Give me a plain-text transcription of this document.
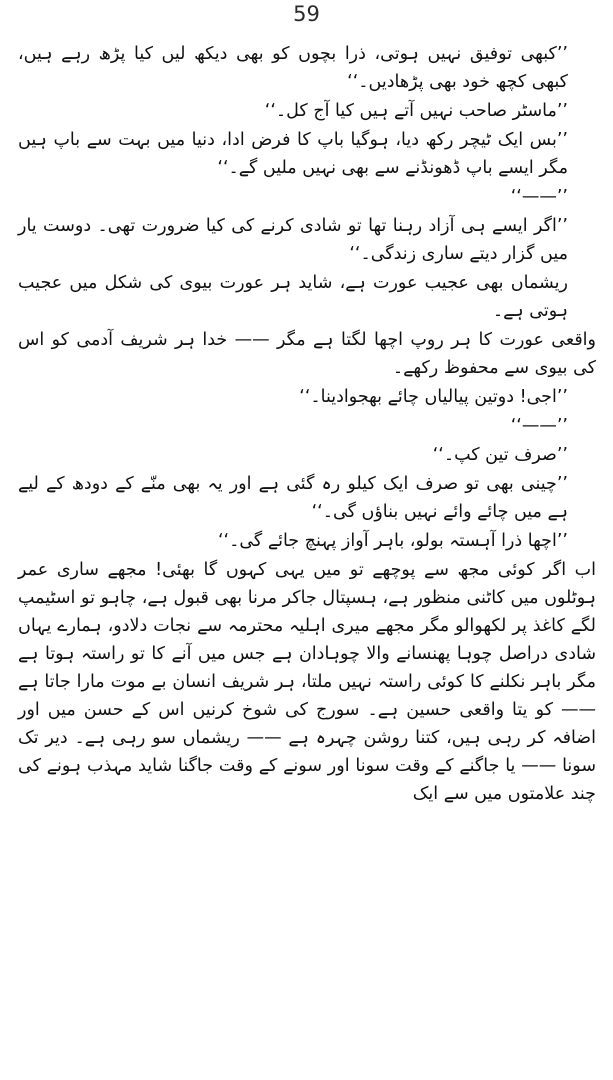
59

’’کبھی توفیق نہیں ہوتی، ذرا بچوں کو بھی دیکھ لیں کیا پڑھ رہے ہیں، کبھی کچھ خود بھی پڑھادیں۔‘‘

’’ماسٹر صاحب نہیں آتے ہیں کیا آج کل۔‘‘

’’بس ایک ٹیچر رکھ دیا، ہوگیا باپ کا فرض ادا، دنیا میں بہت سے باپ ہیں مگر ایسے باپ ڈھونڈنے سے بھی نہیں ملیں گے۔‘‘

’’——‘‘

’’اگر ایسے ہی آزاد رہنا تھا تو شادی کرنے کی کیا ضرورت تھی۔ دوست یار میں گزار دیتے ساری زندگی۔‘‘

ریشماں بھی عجیب عورت ہے، شاید ہر عورت بیوی کی شکل میں عجیب ہوتی ہے۔

واقعی عورت کا ہر روپ اچھا لگتا ہے مگر —— خدا ہر شریف آدمی کو اس کی بیوی سے محفوظ رکھے۔

’’اجی! دوتین پیالیاں چائے بھجوادینا۔‘‘

’’——‘‘

’’صرف تین کپ۔‘‘

’’چینی بھی تو صرف ایک کیلو رہ گئی ہے اور یہ بھی منّے کے دودھ کے لیے ہے میں چائے وائے نہیں بناؤں گی۔‘‘

’’اچھا ذرا آہستہ بولو، باہر آواز پہنچ جائے گی۔‘‘

اب اگر کوئی مجھ سے پوچھے تو میں یہی کہوں گا بھئی! مجھے ساری عمر ہوٹلوں میں کاٹنی منظور ہے، ہسپتال جاکر مرنا بھی قبول ہے، چاہو تو اسٹیمپ لگے کاغذ پر لکھوالو مگر مجھے میری اہلیہ محترمہ سے نجات دلادو، ہمارے یہاں شادی دراصل چوہا پھنسانے والا چوہادان ہے جس میں آنے کا تو راستہ ہوتا ہے مگر باہر نکلنے کا کوئی راستہ نہیں ملتا، ہر شریف انسان بے موت مارا جاتا ہے —— کو یتا واقعی حسین ہے۔ سورج کی شوخ کرنیں اس کے حسن میں اور اضافہ کر رہی ہیں، کتنا روشن چہرہ ہے —— ریشماں سو رہی ہے۔ دیر تک سونا —— یا جاگنے کے وقت سونا اور سونے کے وقت جاگنا شاید مہذب ہونے کی چند علامتوں میں سے ایک
